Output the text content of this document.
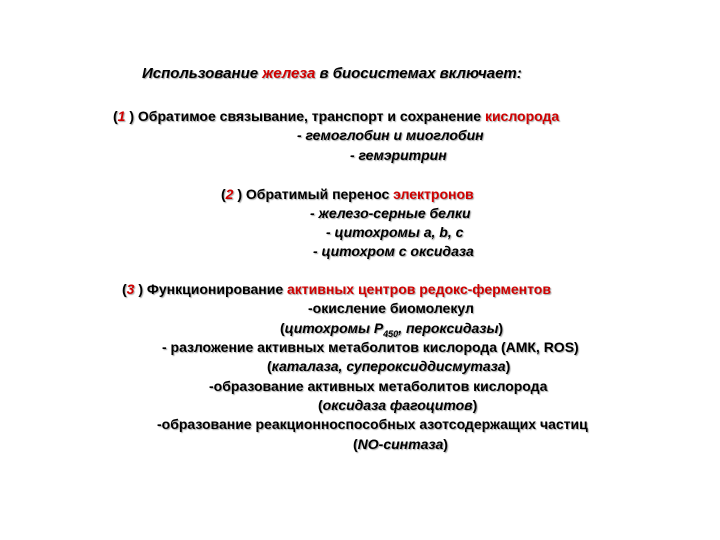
Использование железа в биосистемах включает:
(1 ) Обратимое связывание, транспорт и сохранение кислорода
- гемоглобин и миоглобин
- гемэритрин
(2 ) Обратимый перенос электронов
- железо-серные белки
- цитохромы a, b, c
- цитохром с оксидаза
(3 ) Функционирование активных центров редокс-ферментов
-окисление биомолекул
(цитохромы $P_{450}$, пероксидазы)
- разложение активных метаболитов кислорода (АМК, ROS)
(каталаза, супероксиддисмутаза)
-образование активных метаболитов кислорода
(оксидаза фагоцитов)
-образование реакционноспособных азотсодержащих частиц
(NO-синтаза)
